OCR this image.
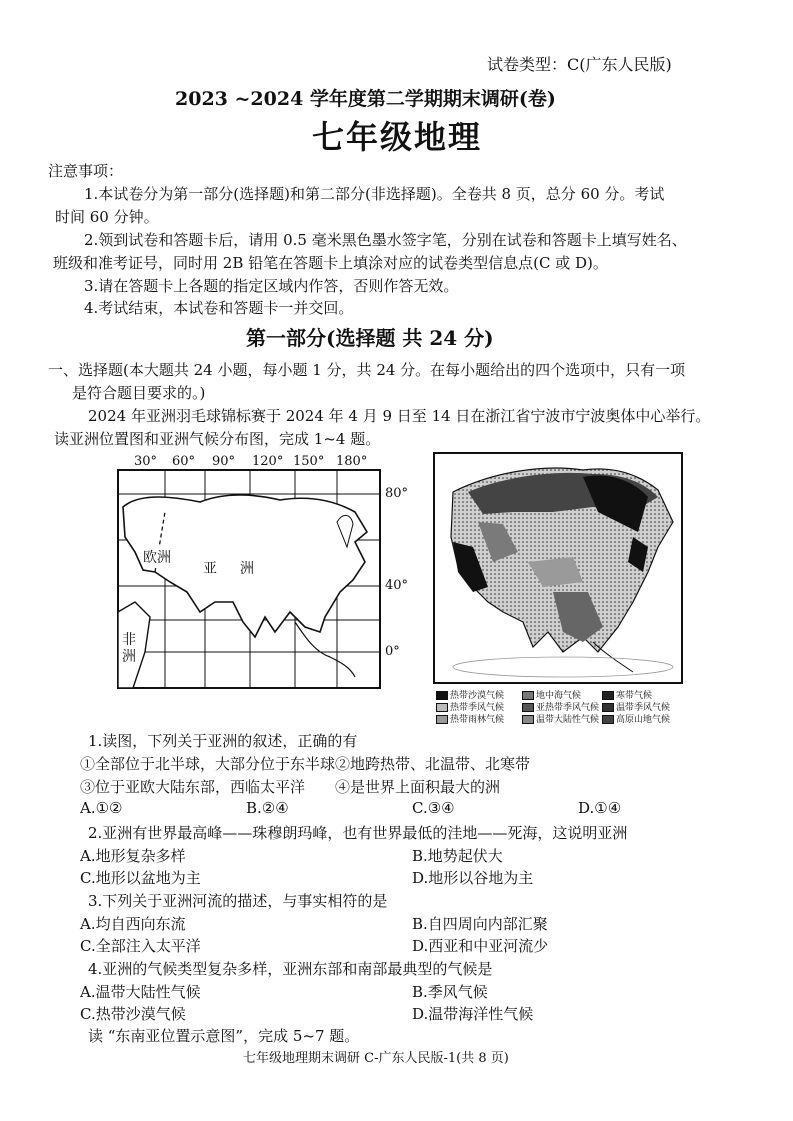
试卷类型：C(广东人民版)
2023 ~2024 学年度第二学期期末调研(卷)
七年级地理
注意事项：
1.本试卷分为第一部分(选择题)和第二部分(非选择题)。全卷共 8 页，总分 60 分。考试
时间 60 分钟。
2.领到试卷和答题卡后，请用 0.5 毫米黑色墨水签字笔，分别在试卷和答题卡上填写姓名、
班级和准考证号，同时用 2B 铅笔在答题卡上填涂对应的试卷类型信息点(C 或 D)。
3.请在答题卡上各题的指定区域内作答，否则作答无效。
4.考试结束，本试卷和答题卡一并交回。
第一部分(选择题 共 24 分)
一、选择题(本大题共 24 小题，每小题 1 分，共 24 分。在每小题给出的四个选项中，只有一项
是符合题目要求的。)
2024 年亚洲羽毛球锦标赛于 2024 年 4 月 9 日至 14 日在浙江省宁波市宁波奥体中心举行。
读亚洲位置图和亚洲气候分布图，完成 1~4 题。
30° 60° 90° 120° 150° 180°
80°
40°
0°
欧洲
亚 洲
非洲
热带沙漠气候	地中海气候	寒带气候
热带季风气候	亚热带季风气候	温带季风气候
热带雨林气候	温带大陆性气候	高原山地气候
1.读图，下列关于亚洲的叙述，正确的有
①全部位于北半球，大部分位于东半球②地跨热带、北温带、北寒带
③位于亚欧大陆东部，西临太平洋　　④是世界上面积最大的洲
A.①②	B.②④	C.③④	D.①④
2.亚洲有世界最高峰——珠穆朗玛峰，也有世界最低的洼地——死海，这说明亚洲
A.地形复杂多样	B.地势起伏大
C.地形以盆地为主	D.地形以谷地为主
3.下列关于亚洲河流的描述，与事实相符的是
A.均自西向东流	B.自四周向内部汇聚
C.全部注入太平洋	D.西亚和中亚河流少
4.亚洲的气候类型复杂多样，亚洲东部和南部最典型的气候是
A.温带大陆性气候	B.季风气候
C.热带沙漠气候	D.温带海洋性气候
读 “东南亚位置示意图”，完成 5~7 题。
七年级地理期末调研 C-广东人民版-1(共 8 页)
